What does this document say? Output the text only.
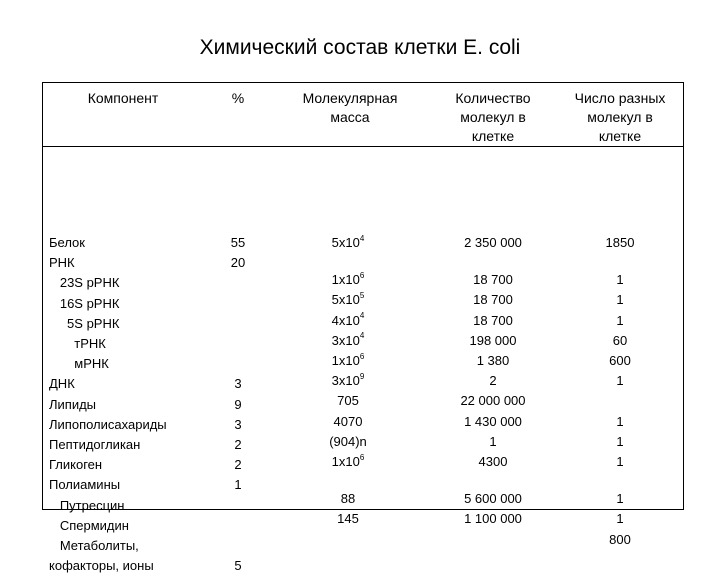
Химический состав клетки E. coli
Компонент	%	Молекулярная
масса
Количество
молекул в
клетке
Число разных
молекул в
клетке
Белок
РНК
23S рРНК
16S рРНК
5S рРНК
тРНК
мРНК
ДНК
Липиды
Липополисахариды
Пептидогликан
Гликоген
Полиамины
Путресцин
Спермидин
Метаболиты,
кофакторы, ионы
55
20
3
9
3
2
2
1
5
$5x10^4$
$1x10^6$
$5x10^5$
$4x10^4$
$3x10^4$
$1x10^6$
$3x10^9$
705
4070
(904)n
$1x10^6$
88
145
2 350 000
18 700
18 700
18 700
198 000
1 380
2
22 000 000
1 430 000
1
4300
5 600 000
1 100 000
1850
1
1
1
60
600
1
1
1
1
1
1
800
